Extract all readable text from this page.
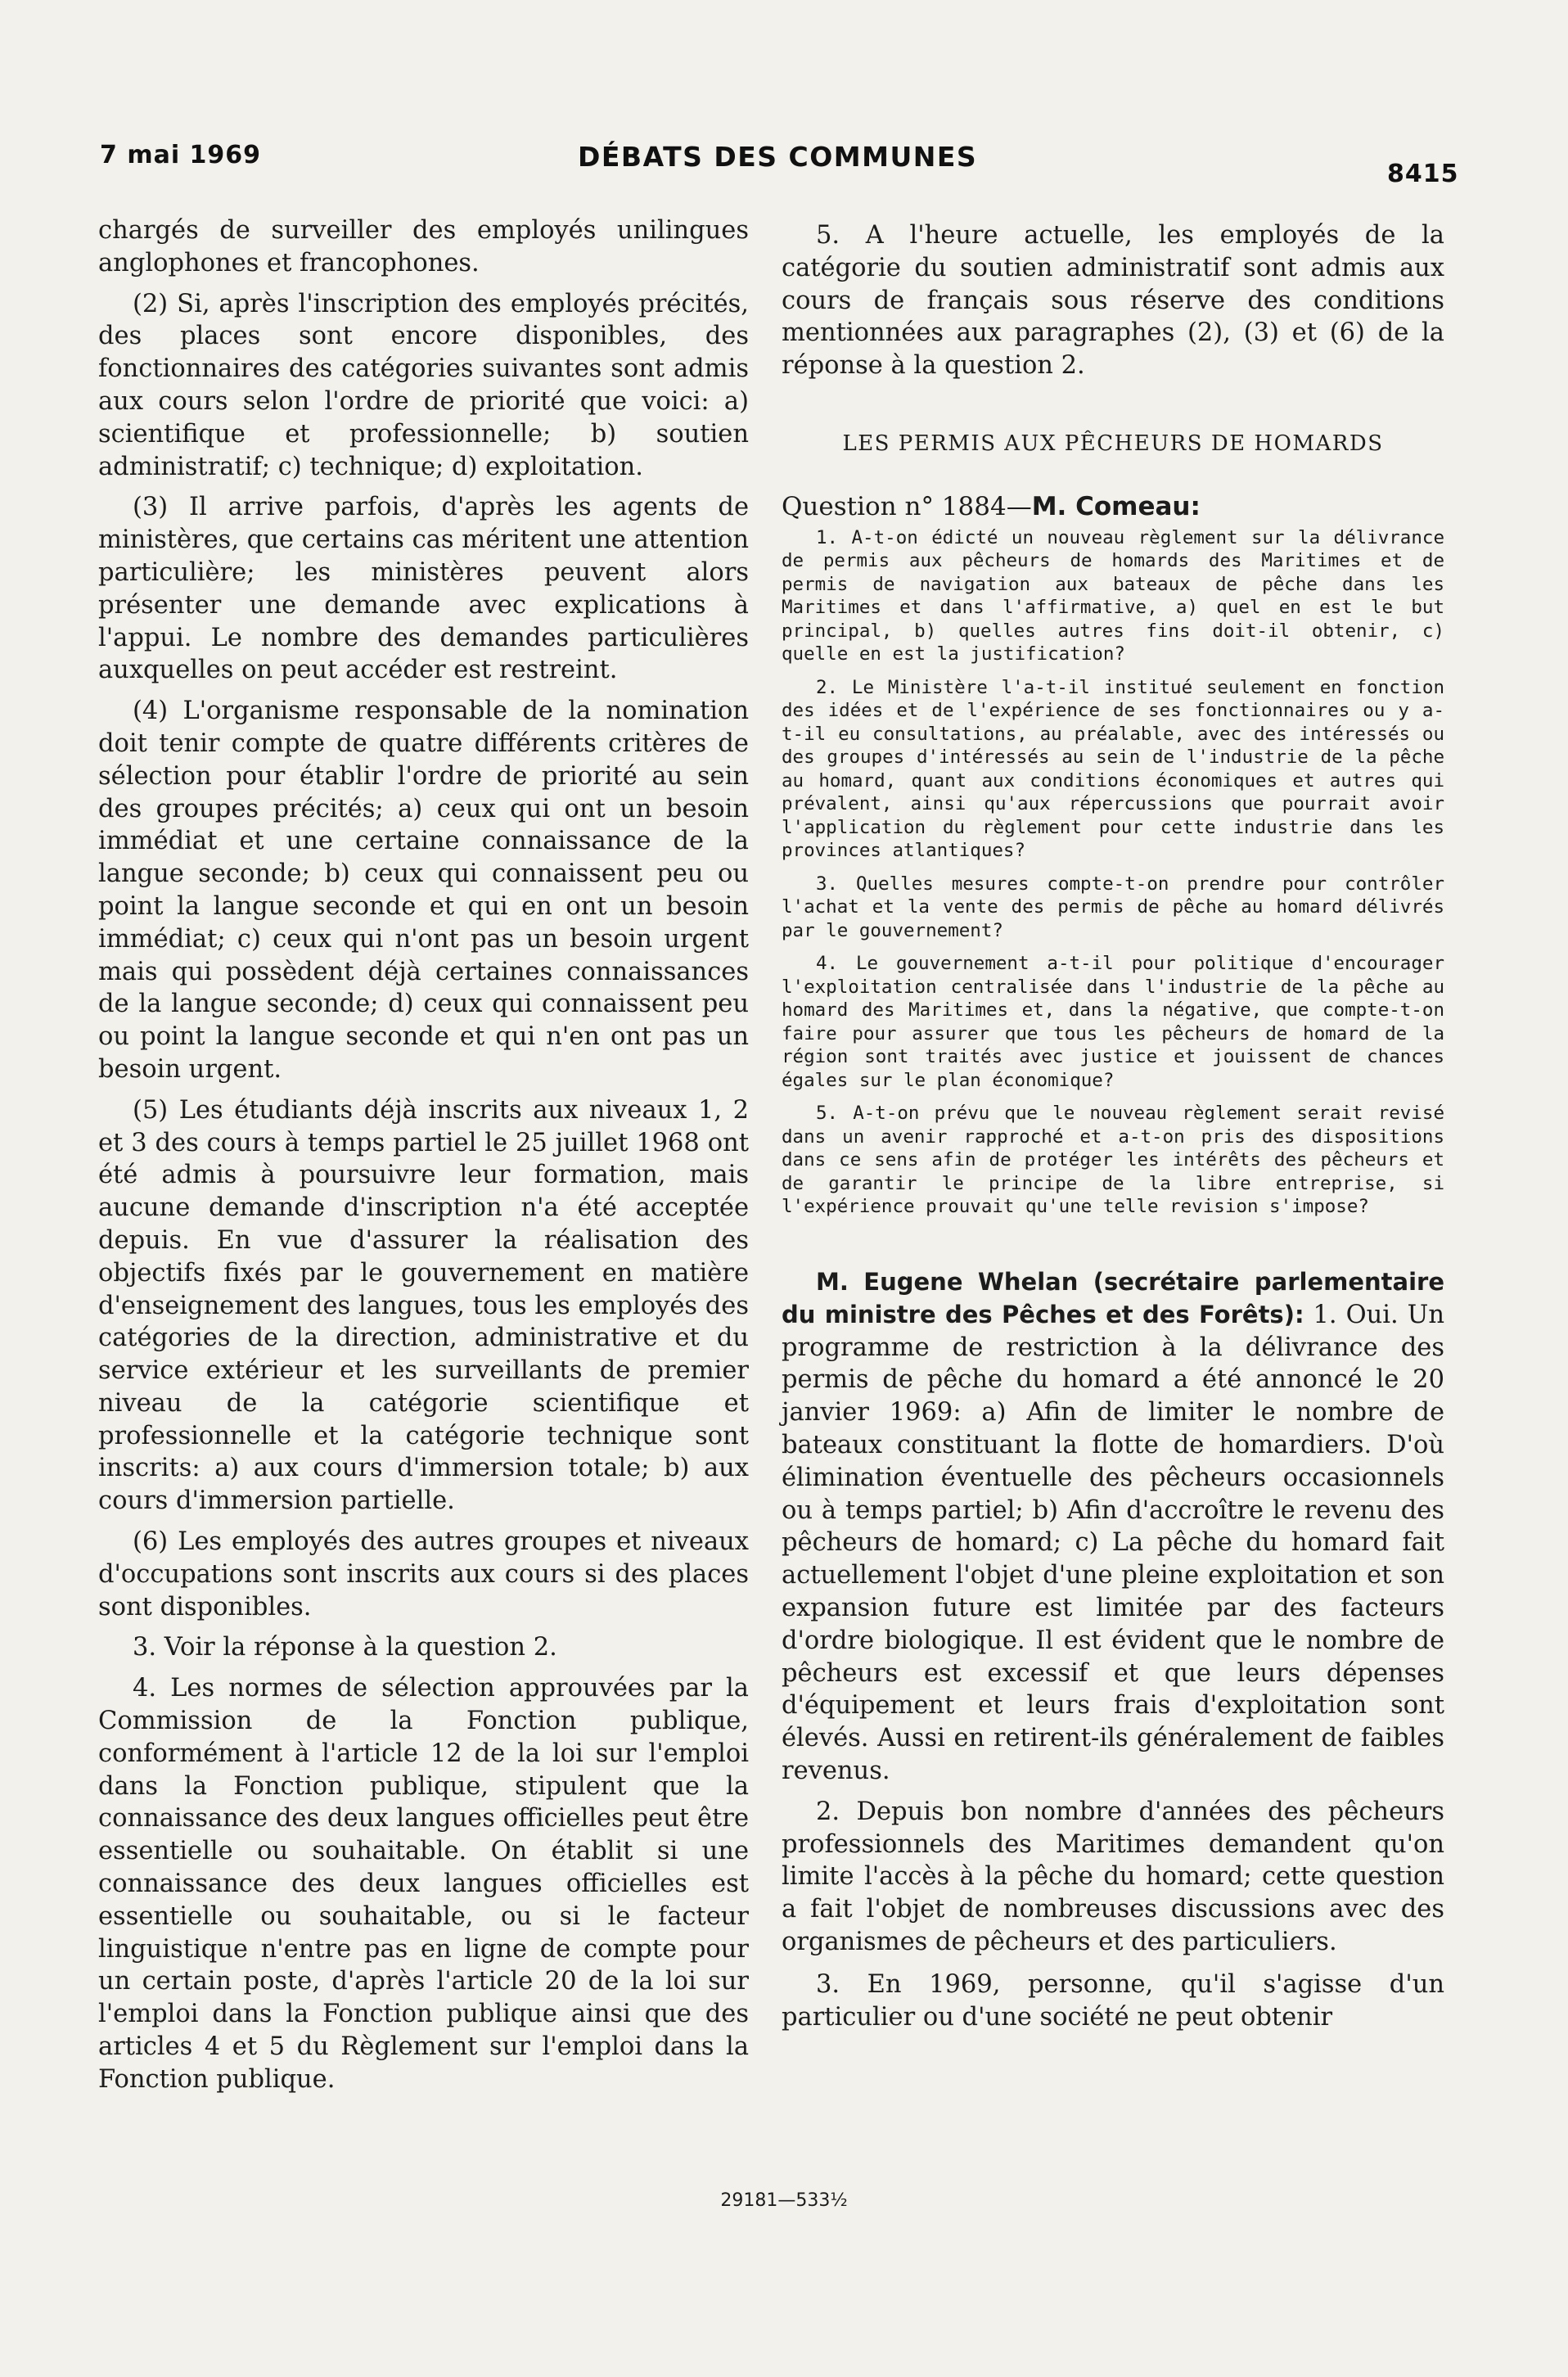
7 mai 1969	DÉBATS DES COMMUNES
8415

chargés de surveiller des employés unilingues anglophones et francophones.

(2) Si, après l'inscription des employés précités, des places sont encore disponibles, des fonctionnaires des catégories suivantes sont admis aux cours selon l'ordre de priorité que voici: a) scientifique et professionnelle; b) soutien administratif; c) technique; d) exploitation.

(3) Il arrive parfois, d'après les agents de ministères, que certains cas méritent une attention particulière; les ministères peuvent alors présenter une demande avec explications à l'appui. Le nombre des demandes particulières auxquelles on peut accéder est restreint.

(4) L'organisme responsable de la nomination doit tenir compte de quatre différents critères de sélection pour établir l'ordre de priorité au sein des groupes précités; a) ceux qui ont un besoin immédiat et une certaine connaissance de la langue seconde; b) ceux qui connaissent peu ou point la langue seconde et qui en ont un besoin immédiat; c) ceux qui n'ont pas un besoin urgent mais qui possèdent déjà certaines connaissances de la langue seconde; d) ceux qui connaissent peu ou point la langue seconde et qui n'en ont pas un besoin urgent.

(5) Les étudiants déjà inscrits aux niveaux 1, 2 et 3 des cours à temps partiel le 25 juillet 1968 ont été admis à poursuivre leur formation, mais aucune demande d'inscription n'a été acceptée depuis. En vue d'assurer la réalisation des objectifs fixés par le gouvernement en matière d'enseignement des langues, tous les employés des catégories de la direction, administrative et du service extérieur et les surveillants de premier niveau de la catégorie scientifique et professionnelle et la catégorie technique sont inscrits: a) aux cours d'immersion totale; b) aux cours d'immersion partielle.

(6) Les employés des autres groupes et niveaux d'occupations sont inscrits aux cours si des places sont disponibles.

3. Voir la réponse à la question 2.

4. Les normes de sélection approuvées par la Commission de la Fonction publique, conformément à l'article 12 de la loi sur l'emploi dans la Fonction publique, stipulent que la connaissance des deux langues officielles peut être essentielle ou souhaitable. On établit si une connaissance des deux langues officielles est essentielle ou souhaitable, ou si le facteur linguistique n'entre pas en ligne de compte pour un certain poste, d'après l'article 20 de la loi sur l'emploi dans la Fonction publique ainsi que des articles 4 et 5 du Règlement sur l'emploi dans la Fonction publique.

5. A l'heure actuelle, les employés de la catégorie du soutien administratif sont admis aux cours de français sous réserve des conditions mentionnées aux paragraphes (2), (3) et (6) de la réponse à la question 2.

LES PERMIS AUX PÊCHEURS DE HOMARDS
Question n° 1884—M. Comeau:

1. A-t-on édicté un nouveau règlement sur la délivrance de permis aux pêcheurs de homards des Maritimes et de permis de navigation aux bateaux de pêche dans les Maritimes et dans l'affirmative, a) quel en est le but principal, b) quelles autres fins doit-il obtenir, c) quelle en est la justification?

2. Le Ministère l'a-t-il institué seulement en fonction des idées et de l'expérience de ses fonctionnaires ou y a-t-il eu consultations, au préalable, avec des intéressés ou des groupes d'intéressés au sein de l'industrie de la pêche au homard, quant aux conditions économiques et autres qui prévalent, ainsi qu'aux répercussions que pourrait avoir l'application du règlement pour cette industrie dans les provinces atlantiques?

3. Quelles mesures compte-t-on prendre pour contrôler l'achat et la vente des permis de pêche au homard délivrés par le gouvernement?

4. Le gouvernement a-t-il pour politique d'encourager l'exploitation centralisée dans l'industrie de la pêche au homard des Maritimes et, dans la négative, que compte-t-on faire pour assurer que tous les pêcheurs de homard de la région sont traités avec justice et jouissent de chances égales sur le plan économique?

5. A-t-on prévu que le nouveau règlement serait revisé dans un avenir rapproché et a-t-on pris des dispositions dans ce sens afin de protéger les intérêts des pêcheurs et de garantir le principe de la libre entreprise, si l'expérience prouvait qu'une telle revision s'impose?

M. Eugene Whelan (secrétaire parlementaire du ministre des Pêches et des Forêts): 1. Oui. Un programme de restriction à la délivrance des permis de pêche du homard a été annoncé le 20 janvier 1969: a) Afin de limiter le nombre de bateaux constituant la flotte de homardiers. D'où élimination éventuelle des pêcheurs occasionnels ou à temps partiel; b) Afin d'accroître le revenu des pêcheurs de homard; c) La pêche du homard fait actuellement l'objet d'une pleine exploitation et son expansion future est limitée par des facteurs d'ordre biologique. Il est évident que le nombre de pêcheurs est excessif et que leurs dépenses d'équipement et leurs frais d'exploitation sont élevés. Aussi en retirent-ils généralement de faibles revenus.

2. Depuis bon nombre d'années des pêcheurs professionnels des Maritimes demandent qu'on limite l'accès à la pêche du homard; cette question a fait l'objet de nombreuses discussions avec des organismes de pêcheurs et des particuliers.

3. En 1969, personne, qu'il s'agisse d'un particulier ou d'une société ne peut obtenir

29181—533½
